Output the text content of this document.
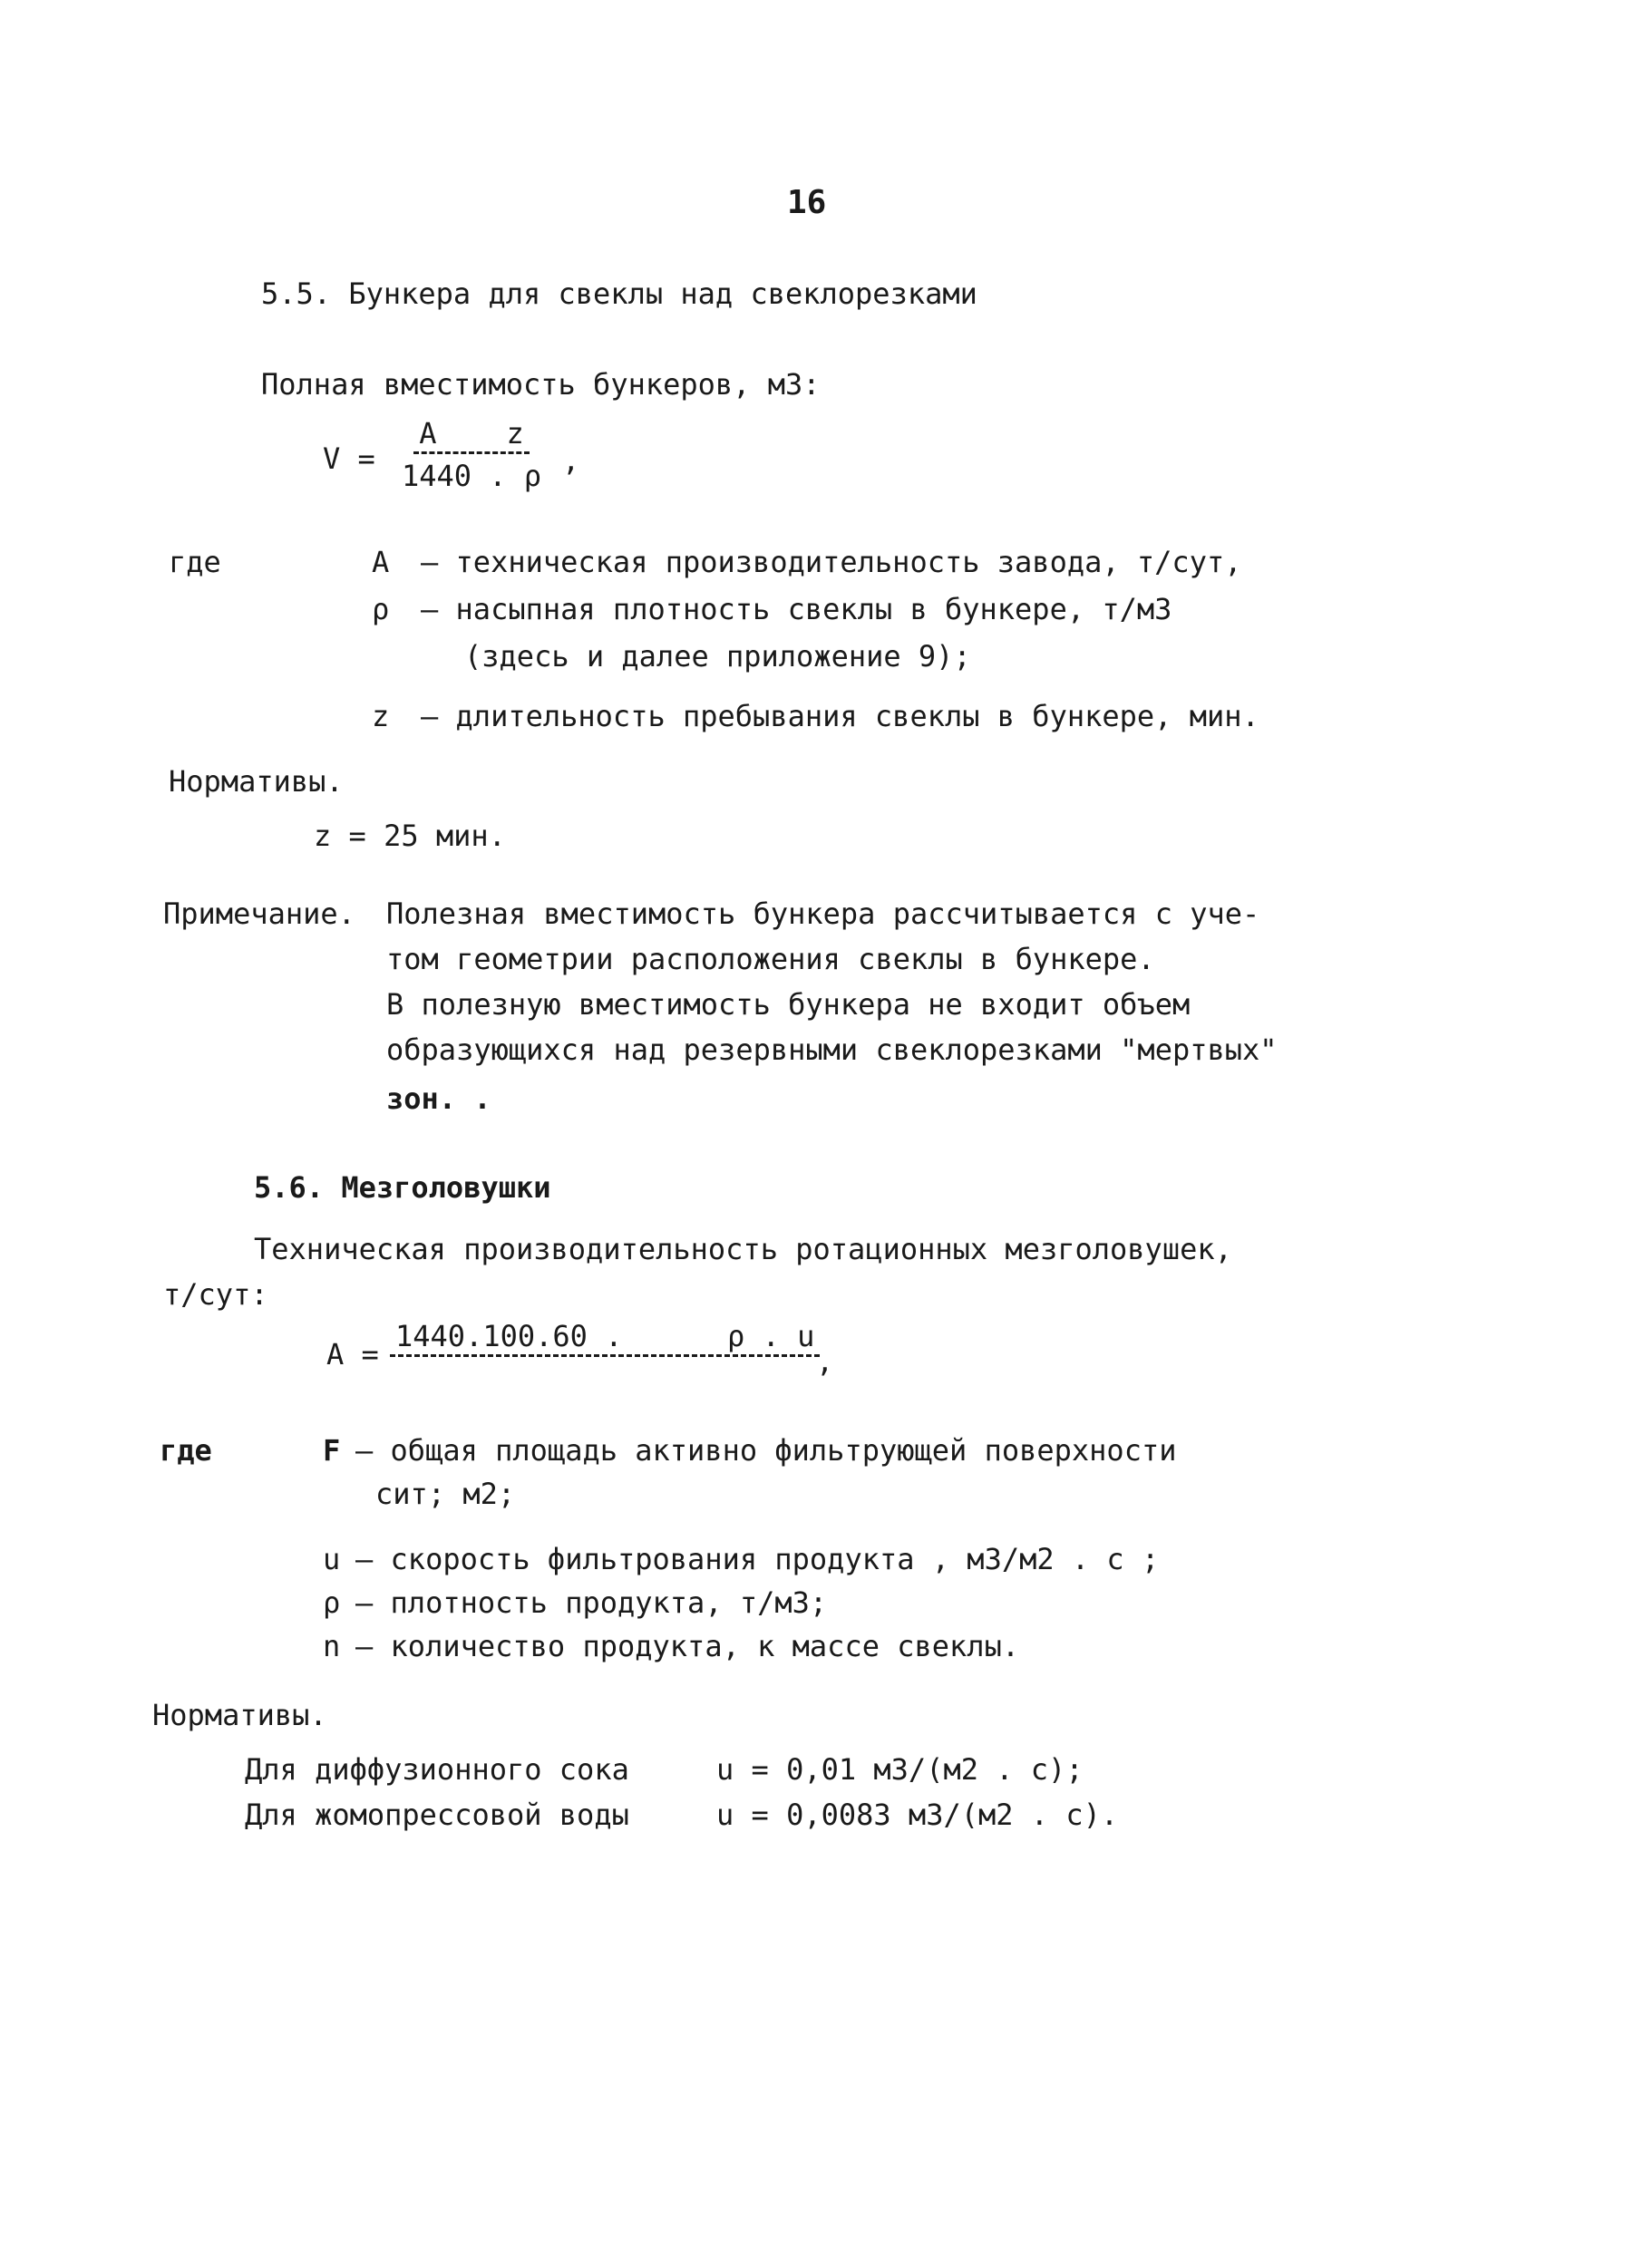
16
5.5. Бункера для свеклы над свеклорезками
Полная вместимость бункеров, м3:
$V = \frac{\text{A    z}}{1440 . \rho}$ ,
где	A – техническая производительность завода, т/сут,
ρ – насыпная плотность свеклы в бункере, т/м3
(здесь и далее приложение 9);
z – длительность пребывания свеклы в бункере, мин.
Нормативы.
z = 25 мин.
Примечание. Полезная вместимость бункера рассчитывается с уче-
том геометрии расположения свеклы в бункере.
В полезную вместимость бункера не входит объем
образующихся над резервными свеклорезками "мертвых"
зон. .
5.6. Мезголовушки
Техническая производительность ротационных мезголовушек,
т/сут:
A =
1440.100.60 .      ρ . u
,
где	F – общая площадь активно фильтрующей поверхности
сит; м2;
u – скорость фильтрования продукта , м3/м2 . с ;
ρ – плотность продукта, т/м3;
n – количество продукта, к массе свеклы.
Нормативы.
Для диффузионного сока	u = 0,01 м3/(м2 . с);
Для жомопрессовой воды	u = 0,0083 м3/(м2 . с).
